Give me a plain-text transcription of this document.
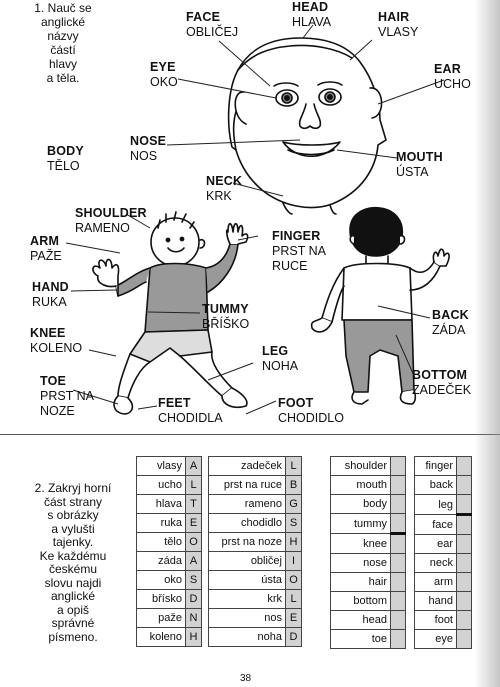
1. Nauč se
anglické
názvy
částí
hlavy
a těla.
FACE
OBLIČEJ
HEAD
HLAVA	HAIR
VLASY
EYE
OKO
EAR
UCHO
BODY
TĚLO
NOSE
NOS	MOUTH
ÚSTA
NECK
KRK
SHOULDER
RAMENO
ARM
PAŽE
FINGER
PRST NA RUCE
HAND
RUKA	TUMMY
BŘÍŠKO
BACK
ZÁDA
KNEE
KOLENO	LEG
NOHA
BOTTOM
ZADEČEK
TOE
PRST NA NOZE
FEET
CHODIDLA
FOOT
CHODIDLO
2. Zakryj horní
část strany
s obrázky
a vylušti
tajenky.
Ke každému
českému
slovu najdi
anglické
a opiš
správné
písmeno.
vlasy	A
ucho	L
hlava	T
ruka	E
tělo	O
záda	A
oko	S
břísko	D
paže	N
koleno	H
zadeček	L
prst na ruce	B
rameno	G
chodidlo	S
prst na noze	H
obličej	I
ústa	O
krk	L
nos	E
noha	D
shoulder	
mouth	
body	
tummy	
knee	
nose	
hair	
bottom	
head	
toe	
finger	
back	
leg	
face	
ear	
neck	
arm	
hand	
foot	
eye	
38
